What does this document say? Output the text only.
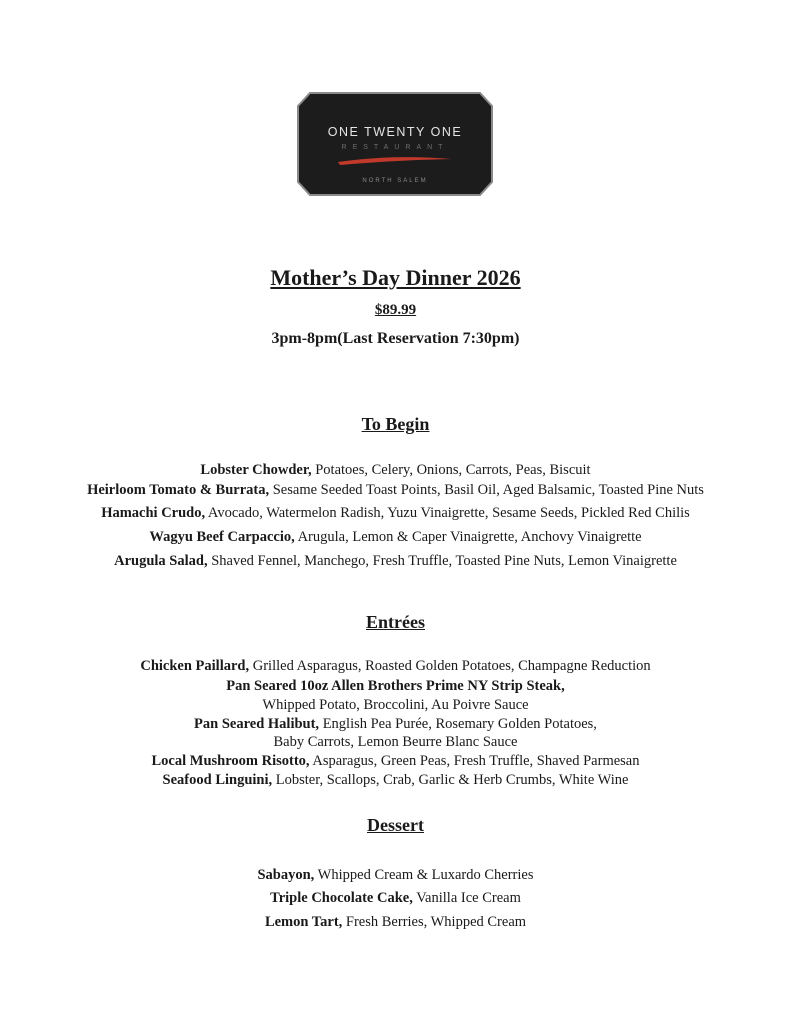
ONE TWENTY ONE
RESTAURANT
NORTH SALEM
Mother’s Day Dinner 2026
$89.99
3pm-8pm(Last Reservation 7:30pm)
To Begin
Lobster Chowder, Potatoes, Celery, Onions, Carrots, Peas, Biscuit
Heirloom Tomato & Burrata, Sesame Seeded Toast Points, Basil Oil, Aged Balsamic, Toasted Pine Nuts
Hamachi Crudo, Avocado, Watermelon Radish, Yuzu Vinaigrette, Sesame Seeds, Pickled Red Chilis
Wagyu Beef Carpaccio, Arugula, Lemon & Caper Vinaigrette, Anchovy Vinaigrette
Arugula Salad, Shaved Fennel, Manchego, Fresh Truffle, Toasted Pine Nuts, Lemon Vinaigrette
Entrées
Chicken Paillard, Grilled Asparagus, Roasted Golden Potatoes, Champagne Reduction
Pan Seared 10oz Allen Brothers Prime NY Strip Steak,
Whipped Potato, Broccolini, Au Poivre Sauce
Pan Seared Halibut, English Pea Purée, Rosemary Golden Potatoes,
Baby Carrots, Lemon Beurre Blanc Sauce
Local Mushroom Risotto, Asparagus, Green Peas, Fresh Truffle, Shaved Parmesan
Seafood Linguini, Lobster, Scallops, Crab, Garlic & Herb Crumbs, White Wine
Dessert
Sabayon, Whipped Cream & Luxardo Cherries
Triple Chocolate Cake, Vanilla Ice Cream
Lemon Tart, Fresh Berries, Whipped Cream
